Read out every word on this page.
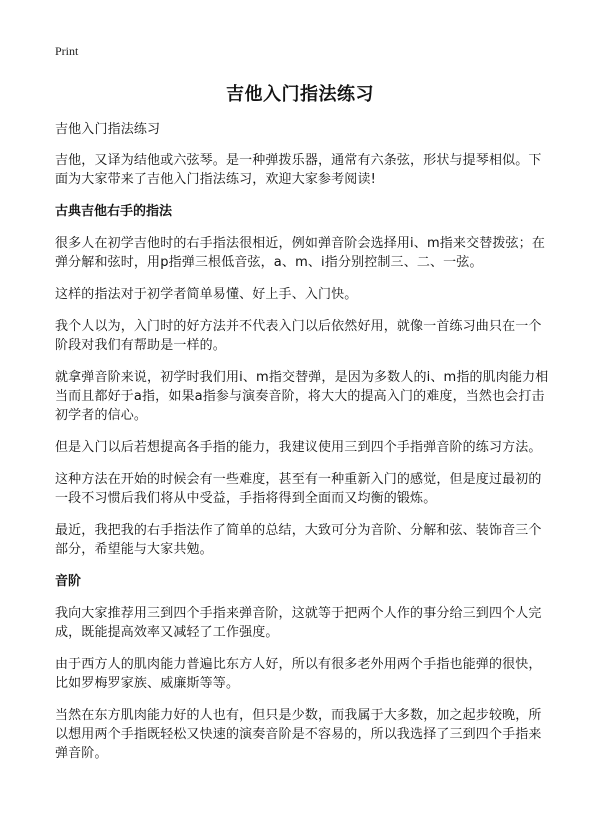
Print
吉他入门指法练习

吉他入门指法练习

吉他，又译为结他或六弦琴。是一种弹拨乐器，通常有六条弦，形状与提琴相似。下面为大家带来了吉他入门指法练习，欢迎大家参考阅读!

古典吉他右手的指法

很多人在初学吉他时的右手指法很相近，例如弹音阶会选择用i、m指来交替拨弦；在弹分解和弦时，用p指弹三根低音弦，a、m、i指分别控制三、二、一弦。

这样的指法对于初学者简单易懂、好上手、入门快。

我个人以为，入门时的好方法并不代表入门以后依然好用，就像一首练习曲只在一个阶段对我们有帮助是一样的。

就拿弹音阶来说，初学时我们用i、m指交替弹，是因为多数人的i、m指的肌肉能力相当而且都好于a指，如果a指参与演奏音阶，将大大的提高入门的难度，当然也会打击初学者的信心。

但是入门以后若想提高各手指的能力，我建议使用三到四个手指弹音阶的练习方法。

这种方法在开始的时候会有一些难度，甚至有一种重新入门的感觉，但是度过最初的一段不习惯后我们将从中受益，手指将得到全面而又均衡的锻炼。

最近，我把我的右手指法作了简单的总结，大致可分为音阶、分解和弦、装饰音三个部分，希望能与大家共勉。

音阶

我向大家推荐用三到四个手指来弹音阶，这就等于把两个人作的事分给三到四个人完成，既能提高效率又减轻了工作强度。

由于西方人的肌肉能力普遍比东方人好，所以有很多老外用两个手指也能弹的很快，比如罗梅罗家族、威廉斯等等。

当然在东方肌肉能力好的人也有，但只是少数，而我属于大多数，加之起步较晚，所以想用两个手指既轻松又快速的演奏音阶是不容易的，所以我选择了三到四个手指来弹音阶。
